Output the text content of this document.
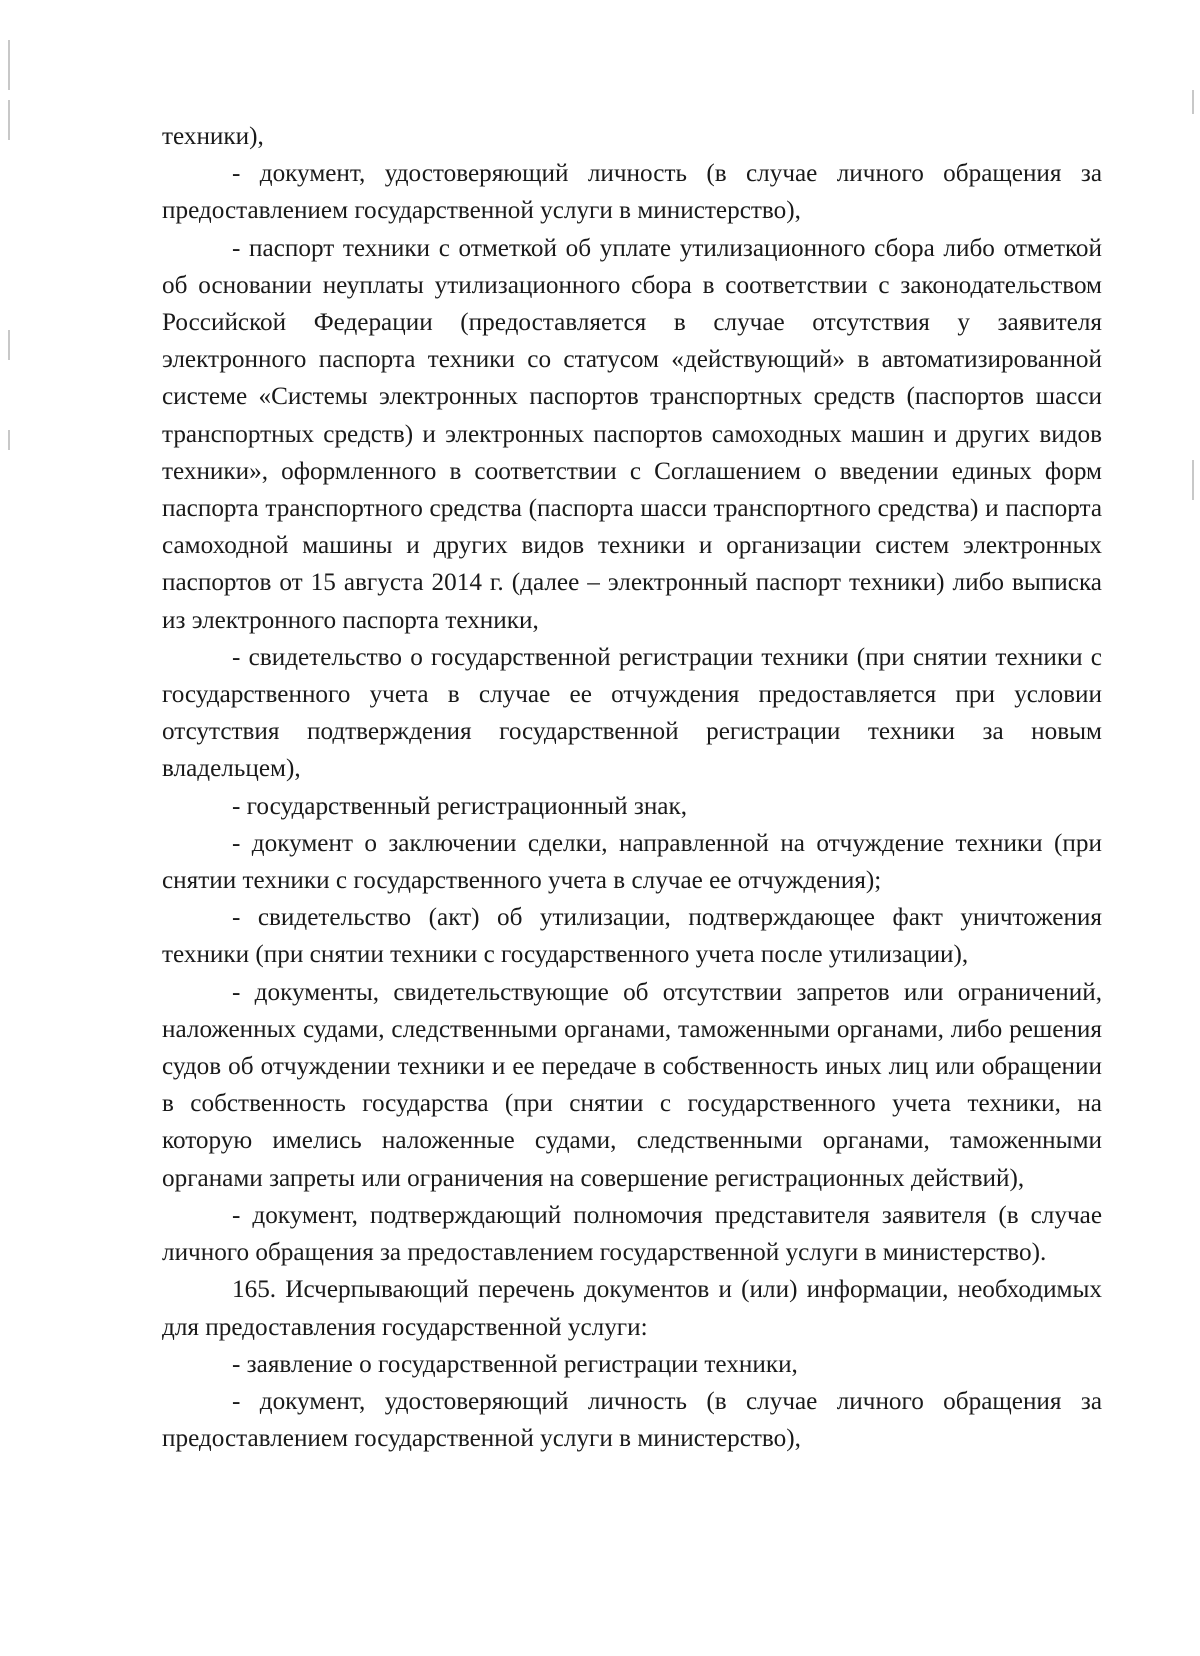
техники),

- документ, удостоверяющий личность (в случае личного обращения за предоставлением государственной услуги в министерство),

- паспорт техники с отметкой об уплате утилизационного сбора либо отметкой об основании неуплаты утилизационного сбора в соответствии с законодательством Российской Федерации (предоставляется в случае отсутствия у заявителя электронного паспорта техники со статусом «действующий» в автоматизированной системе «Системы электронных паспортов транспортных средств (паспортов шасси транспортных средств) и электронных паспортов самоходных машин и других видов техники», оформленного в соответствии с Соглашением о введении единых форм паспорта транспортного средства (паспорта шасси транспортного средства) и паспорта самоходной машины и других видов техники и организации систем электронных паспортов от 15 августа 2014 г. (далее – электронный паспорт техники) либо выписка из электронного паспорта техники,

- свидетельство о государственной регистрации техники (при снятии техники с государственного учета в случае ее отчуждения предоставляется при условии отсутствия подтверждения государственной регистрации техники за новым владельцем),

- государственный регистрационный знак,

- документ о заключении сделки, направленной на отчуждение техники (при снятии техники с государственного учета в случае ее отчуждения);

- свидетельство (акт) об утилизации, подтверждающее факт уничтожения техники (при снятии техники с государственного учета после утилизации),

- документы, свидетельствующие об отсутствии запретов или ограничений, наложенных судами, следственными органами, таможенными органами, либо решения судов об отчуждении техники и ее передаче в собственность иных лиц или обращении в собственность государства (при снятии с государственного учета техники, на которую имелись наложенные судами, следственными органами, таможенными органами запреты или ограничения на совершение регистрационных действий),

- документ, подтверждающий полномочия представителя заявителя (в случае личного обращения за предоставлением государственной услуги в министерство).

165. Исчерпывающий перечень документов и (или) информации, необходимых для предоставления государственной услуги:

- заявление о государственной регистрации техники,

- документ, удостоверяющий личность (в случае личного обращения за предоставлением государственной услуги в министерство),
